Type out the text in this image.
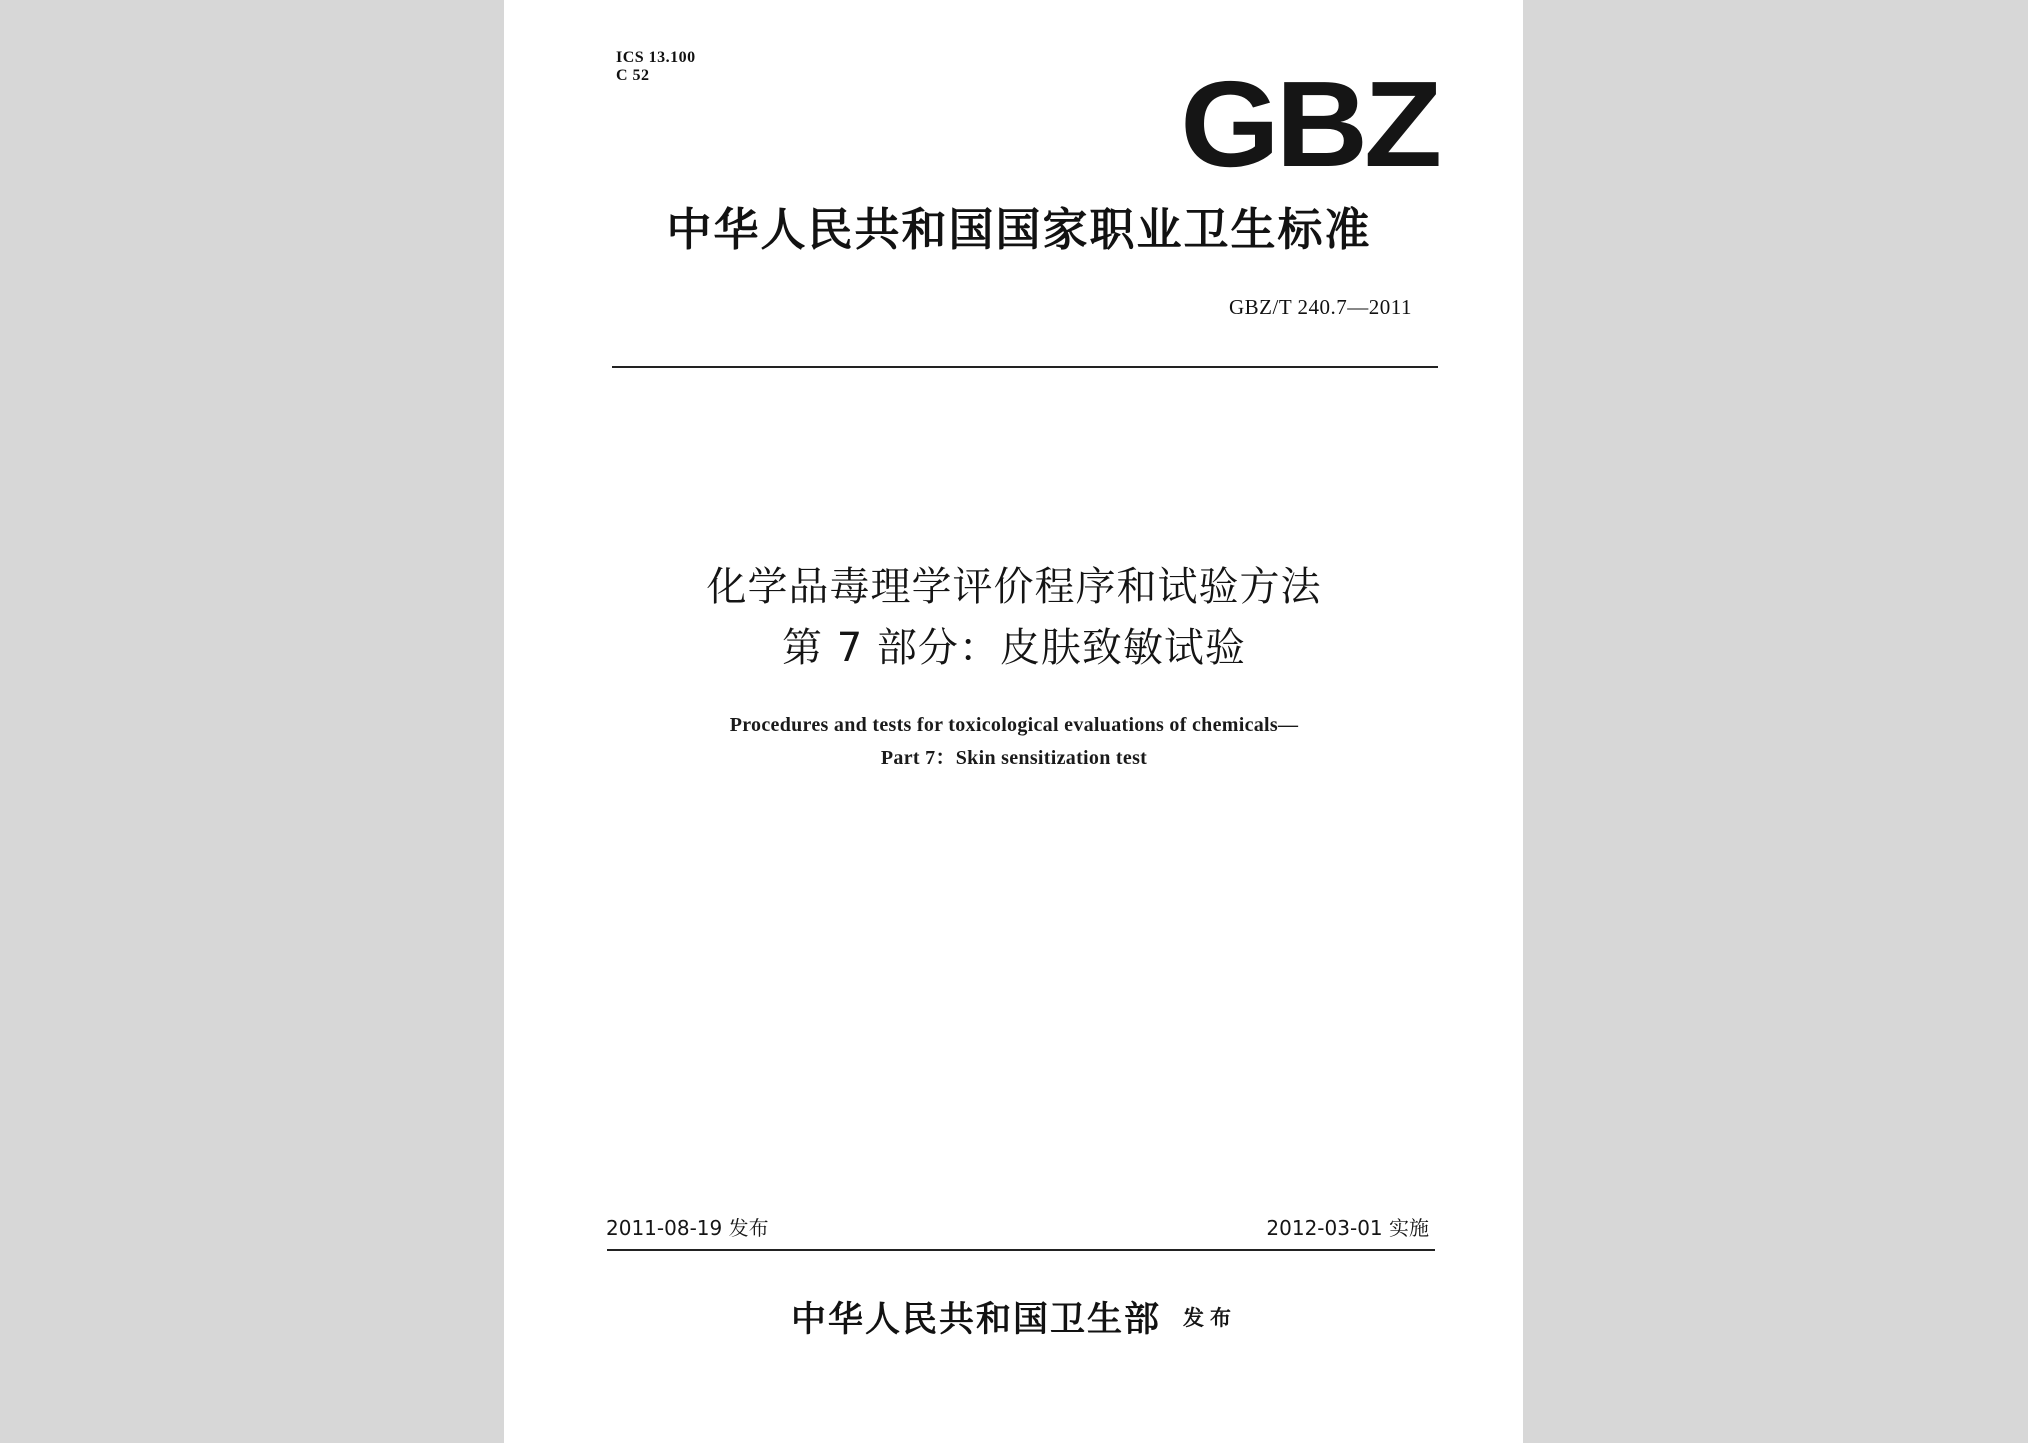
ICS 13.100
C 52	GBZ
中华人民共和国国家职业卫生标准
GBZ/T 240.7—2011
化学品毒理学评价程序和试验方法
第 7 部分：皮肤致敏试验
Procedures and tests for toxicological evaluations of chemicals—
Part 7：Skin sensitization test
2011-08-19 发布	2012-03-01 实施
中华人民共和国卫生部 发布
